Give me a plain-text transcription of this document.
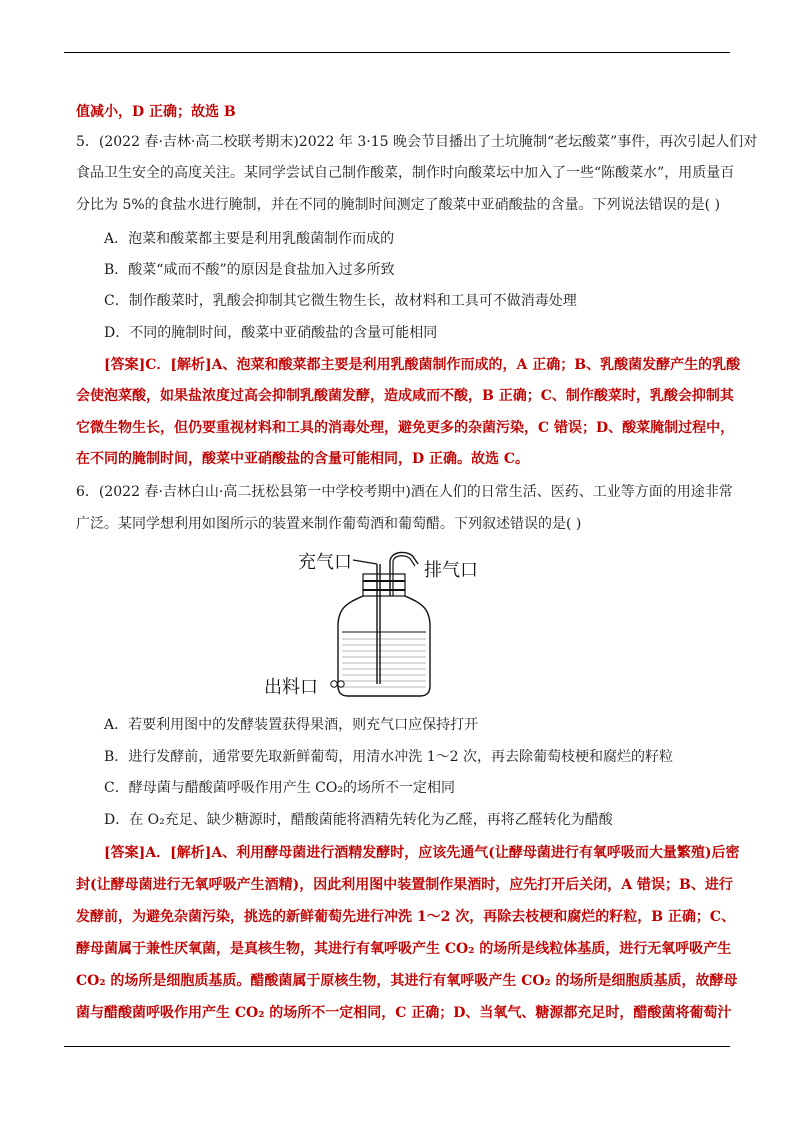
值减小，D 正确；故选 B
5．(2022 春·吉林·高二校联考期末)2022 年 3·15 晚会节目播出了土坑腌制“老坛酸菜”事件，再次引起人们对
食品卫生安全的高度关注。某同学尝试自己制作酸菜，制作时向酸菜坛中加入了一些“陈酸菜水”，用质量百
分比为 5%的食盐水进行腌制，并在不同的腌制时间测定了酸菜中亚硝酸盐的含量。下列说法错误的是( )
A．泡菜和酸菜都主要是利用乳酸菌制作而成的
B．酸菜“咸而不酸”的原因是食盐加入过多所致
C．制作酸菜时，乳酸会抑制其它微生物生长，故材料和工具可不做消毒处理
D．不同的腌制时间，酸菜中亚硝酸盐的含量可能相同
[答案]C．[解析]A、泡菜和酸菜都主要是利用乳酸菌制作而成的，A 正确；B、乳酸菌发酵产生的乳酸
会使泡菜酸，如果盐浓度过高会抑制乳酸菌发酵，造成咸而不酸，B 正确；C、制作酸菜时，乳酸会抑制其
它微生物生长，但仍要重视材料和工具的消毒处理，避免更多的杂菌污染，C 错误；D、酸菜腌制过程中，
在不同的腌制时间，酸菜中亚硝酸盐的含量可能相同，D 正确。故选 C。
6．(2022 春·吉林白山·高二抚松县第一中学校考期中)酒在人们的日常生活、医药、工业等方面的用途非常
广泛。某同学想利用如图所示的装置来制作葡萄酒和葡萄醋。下列叙述错误的是( )
充气口	排气口
出料口
A．若要利用图中的发酵装置获得果酒，则充气口应保持打开
B．进行发酵前，通常要先取新鲜葡萄，用清水冲洗 1～2 次，再去除葡萄枝梗和腐烂的籽粒
C．酵母菌与醋酸菌呼吸作用产生 CO₂的场所不一定相同
D．在 O₂充足、缺少糖源时，醋酸菌能将酒精先转化为乙醛，再将乙醛转化为醋酸
[答案]A．[解析]A、利用酵母菌进行酒精发酵时，应该先通气(让酵母菌进行有氧呼吸而大量繁殖)后密
封(让酵母菌进行无氧呼吸产生酒精)，因此利用图中装置制作果酒时，应先打开后关闭，A 错误；B、进行
发酵前，为避免杂菌污染，挑选的新鲜葡萄先进行冲洗 1～2 次，再除去枝梗和腐烂的籽粒，B 正确；C、
酵母菌属于兼性厌氧菌，是真核生物，其进行有氧呼吸产生 CO₂ 的场所是线粒体基质，进行无氧呼吸产生
CO₂ 的场所是细胞质基质。醋酸菌属于原核生物，其进行有氧呼吸产生 CO₂ 的场所是细胞质基质，故酵母
菌与醋酸菌呼吸作用产生 CO₂ 的场所不一定相同，C 正确；D、当氧气、糖源都充足时，醋酸菌将葡萄汁
